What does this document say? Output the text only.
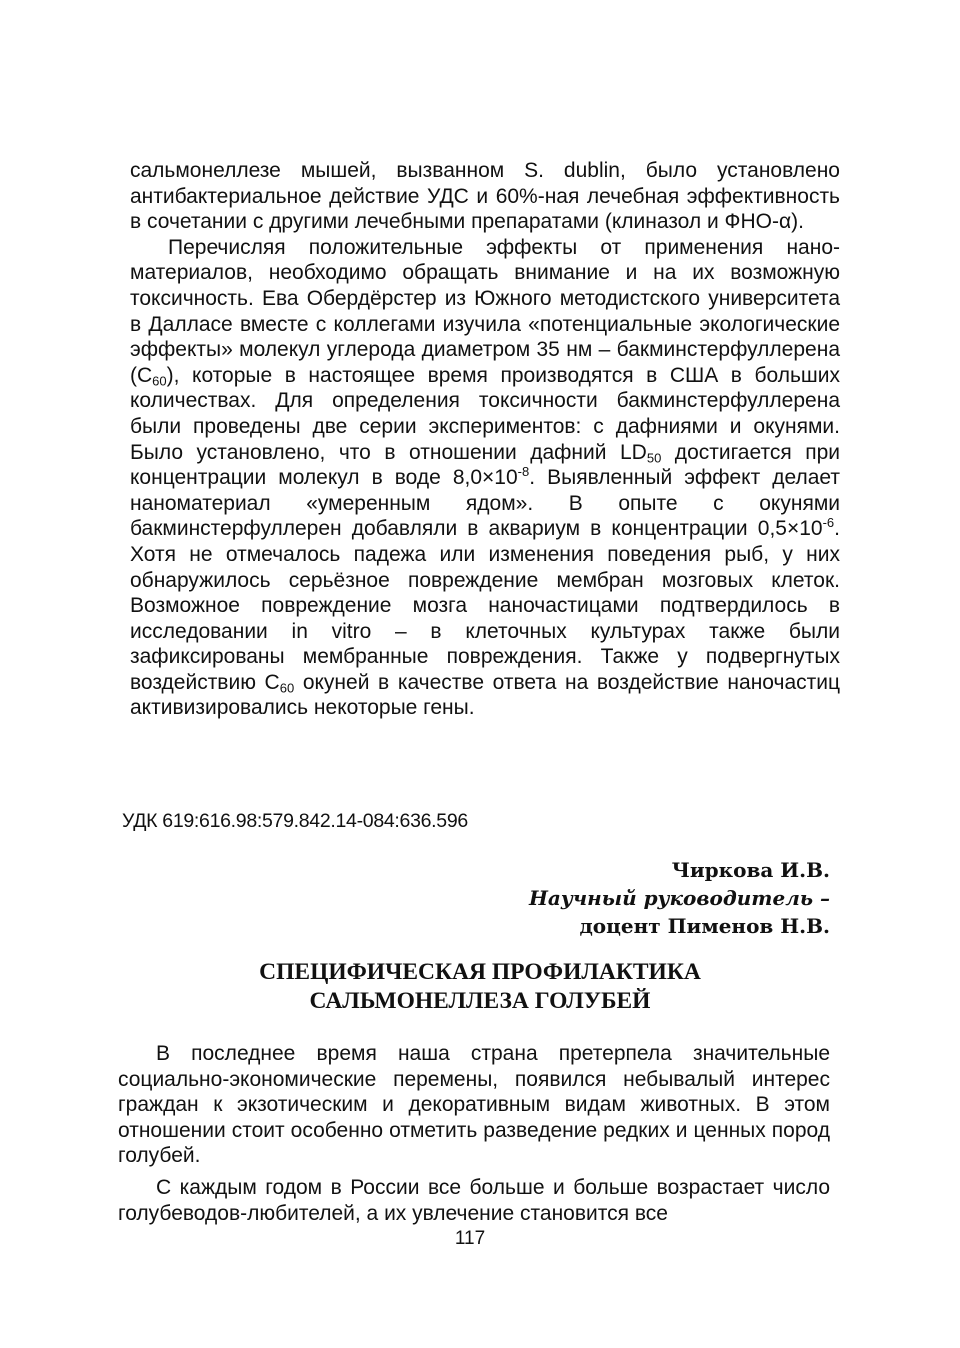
сальмонеллезе мышей, вызванном S. dublin, было установлено антибактериальное действие УДС и 60%-ная лечебная эффективность в сочетании с другими лечебными препаратами (клиназол и ФНО-α).

Перечисляя положительные эффекты от применения наноматериалов, необходимо обращать внимание и на их возможную токсичность. Ева Обердёрстер из Южного методистского университета в Далласе вместе с коллегами изучила «потенциальные экологические эффекты» молекул углерода диаметром 35 нм – бакминстерфуллерена $(C_{60})$, которые в настоящее время производятся в США в больших количествах. Для определения токсичности бакминстерфуллерена были проведены две серии экспериментов: с дафниями и окунями. Было установлено, что в отношении дафний $LD_{50}$ достигается при концентрации молекул в воде $8,0\times 10^{-8}$. Выявленный эффект делает наноматериал «умеренным ядом». В опыте с окунями бакминстерфуллерен добавляли в аквариум в концентрации $0,5\times 10^{-6}$. Хотя не отмечалось падежа или изменения поведения рыб, у них обнаружилось серьёзное повреждение мембран мозговых клеток. Возможное повреждение мозга наночастицами подтвердилось в исследовании in vitro – в клеточных культурах также были зафиксированы мембранные повреждения. Также у подвергнутых воздействию $C_{60}$ окуней в качестве ответа на воздействие наночастиц активизировались некоторые гены.

УДК 619:616.98:579.842.14-084:636.596
Чиркова И.В.
Научный руководитель –
доцент Пименов Н.В.
СПЕЦИФИЧЕСКАЯ ПРОФИЛАКТИКА
САЛЬМОНЕЛЛЕЗА ГОЛУБЕЙ

В последнее время наша страна претерпела значительные социально-экономические перемены, появился небывалый интерес граждан к экзотическим и декоративным видам животных. В этом отношении стоит особенно отметить разведение редких и ценных пород голубей.

С каждым годом в России все больше и больше возрастает число голубеводов-любителей, а их увлечение становится все

117
